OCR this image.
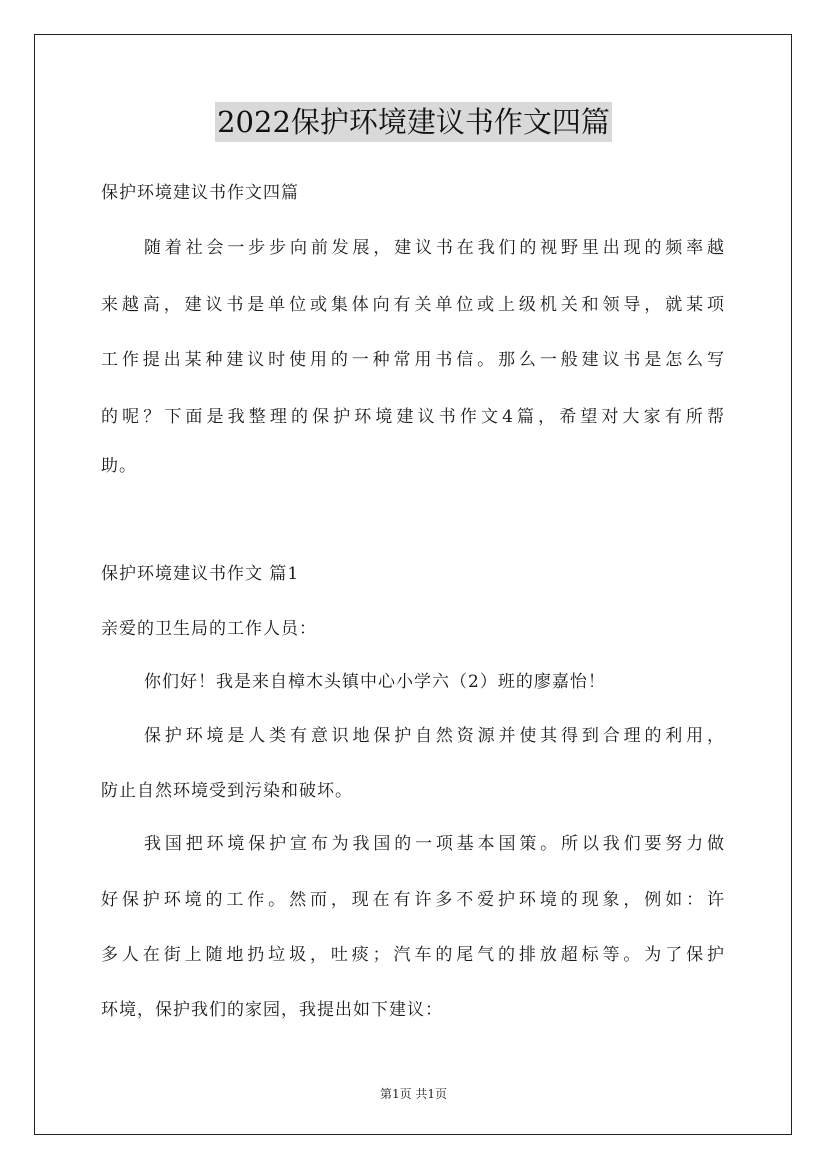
2022保护环境建议书作文四篇
保护环境建议书作文四篇
随着社会一步步向前发展，建议书在我们的视野里出现的频率越
来越高，建议书是单位或集体向有关单位或上级机关和领导，就某项
工作提出某种建议时使用的一种常用书信。那么一般建议书是怎么写
的呢？下面是我整理的保护环境建议书作文4篇，希望对大家有所帮
助。
保护环境建议书作文 篇1
亲爱的卫生局的工作人员：
你们好！我是来自樟木头镇中心小学六（2）班的廖嘉怡！
保护环境是人类有意识地保护自然资源并使其得到合理的利用，
防止自然环境受到污染和破坏。
我国把环境保护宣布为我国的一项基本国策。所以我们要努力做
好保护环境的工作。然而，现在有许多不爱护环境的现象，例如：许
多人在街上随地扔垃圾，吐痰；汽车的尾气的排放超标等。为了保护
环境，保护我们的家园，我提出如下建议：
第1页 共1页
